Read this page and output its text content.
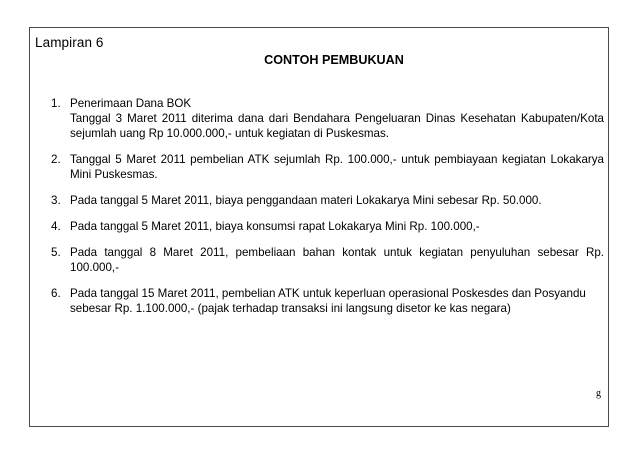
Lampiran 6
CONTOH PEMBUKUAN
1. Penerimaan Dana BOK
Tanggal 3 Maret 2011 diterima dana dari Bendahara Pengeluaran Dinas Kesehatan Kabupaten/Kota sejumlah uang Rp 10.000.000,- untuk kegiatan di Puskesmas.
2. Tanggal 5 Maret 2011 pembelian ATK sejumlah Rp. 100.000,- untuk pembiayaan kegiatan Lokakarya Mini Puskesmas.
3. Pada tanggal 5 Maret 2011, biaya penggandaan materi Lokakarya Mini sebesar Rp. 50.000.
4. Pada tanggal 5 Maret 2011, biaya konsumsi rapat Lokakarya Mini Rp. 100.000,-
5. Pada tanggal 8 Maret 2011, pembeliaan bahan kontak untuk kegiatan penyuluhan sebesar Rp. 100.000,-
6. Pada tanggal 15 Maret 2011, pembelian ATK untuk keperluan operasional Poskesdes dan Posyandu sebesar Rp. 1.100.000,- (pajak terhadap transaksi ini langsung disetor ke kas negara)
g
